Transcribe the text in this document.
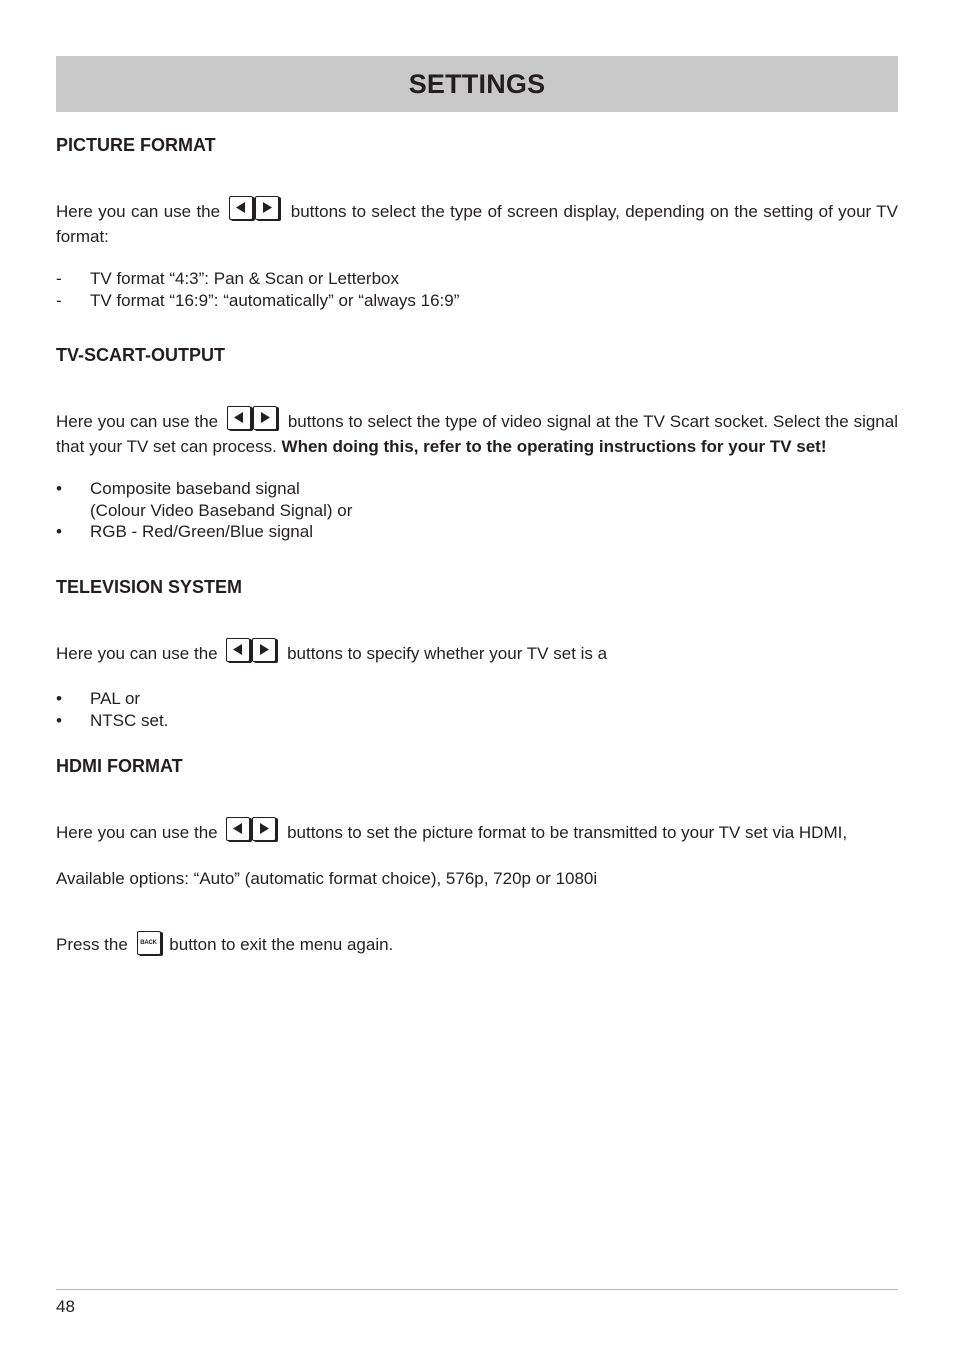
SETTINGS
PICTURE FORMAT

Here you can use the	buttons to select the type of screen display, depending on the setting of your TV format:

- TV format “4:3”: Pan & Scan or Letterbox
- TV format “16:9”: “automatically” or “always 16:9”
TV-SCART-OUTPUT

Here you can use the	buttons to select the type of video signal at the TV Scart socket. Select the signal that your TV set can process. When doing this, refer to the operating instructions for your TV set!

• Composite baseband signal
(Colour Video Baseband Signal) or
• RGB - Red/Green/Blue signal
TELEVISION SYSTEM

Here you can use the	buttons to specify whether your TV set is a

• PAL or
• NTSC set.
HDMI FORMAT

Here you can use the	buttons to set the picture format to be transmitted to your TV set via HDMI,

Available options: “Auto” (automatic format choice), 576p, 720p or 1080i

Press the	BACK button to exit the menu again.

48
